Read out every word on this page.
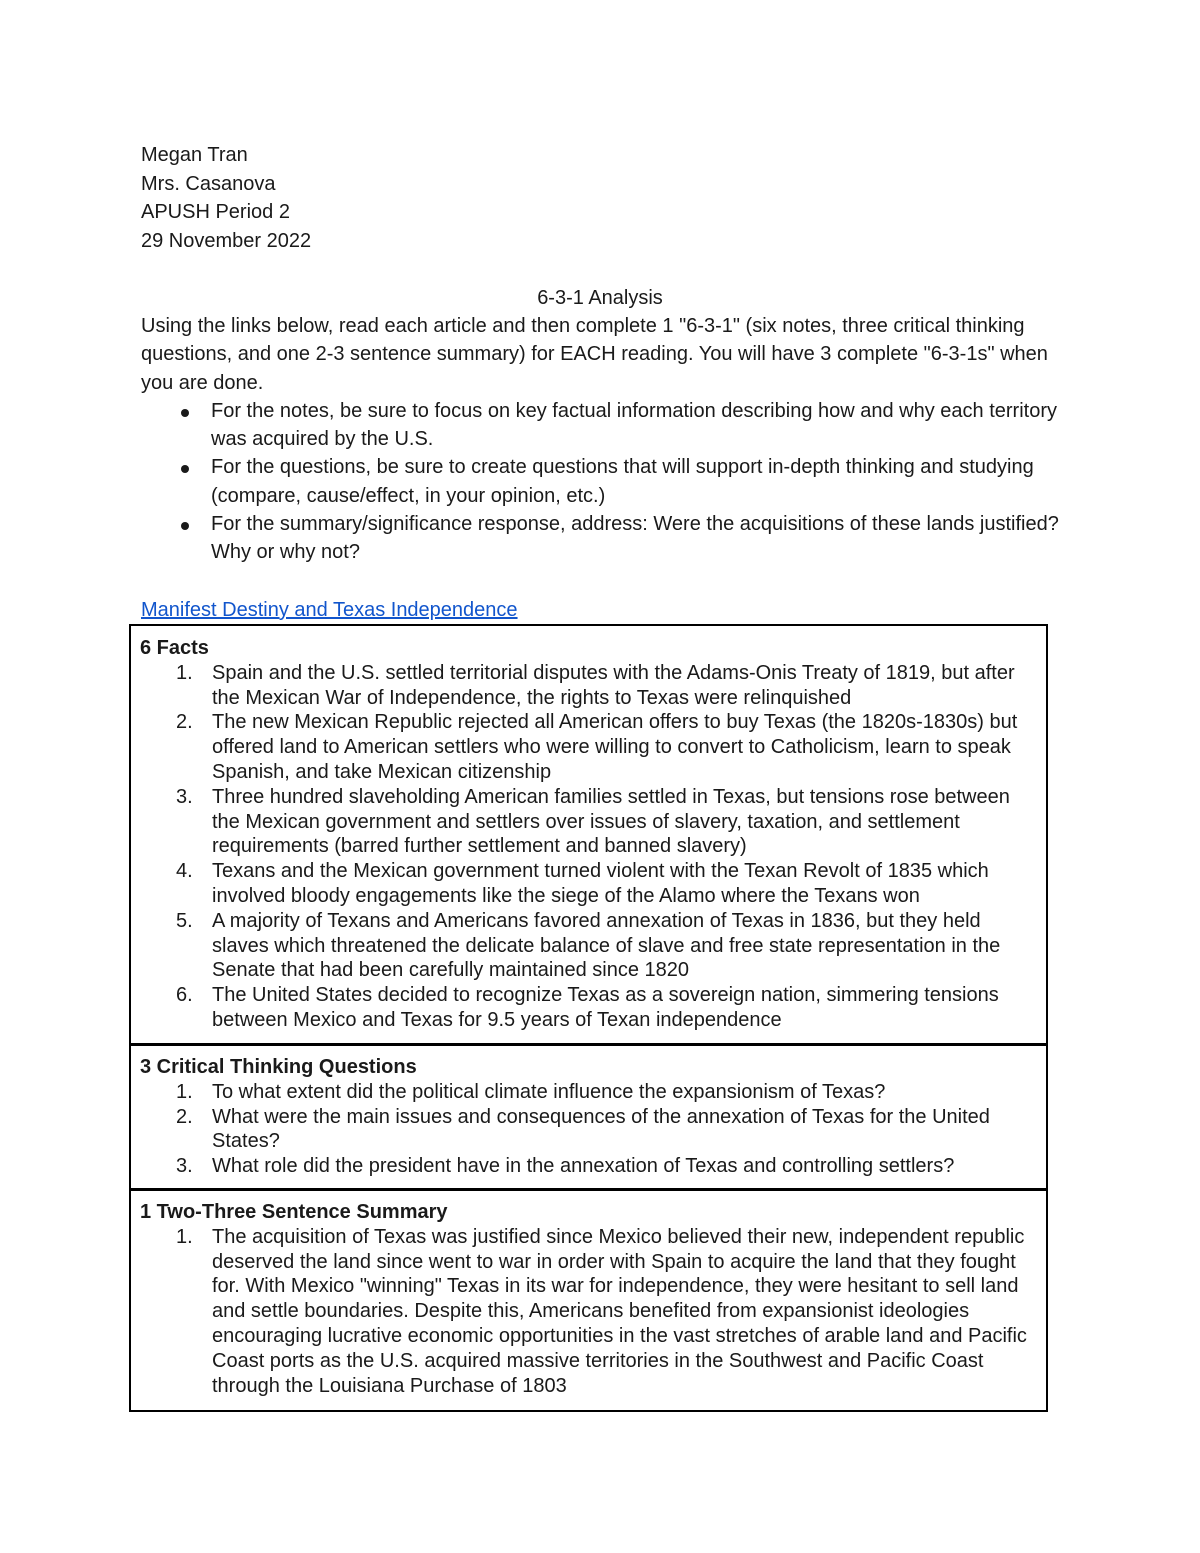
Megan Tran
Mrs. Casanova
APUSH Period 2
29 November 2022
6-3-1 Analysis

Using the links below, read each article and then complete 1 "6-3-1" (six notes, three critical thinking questions, and one 2-3 sentence summary) for EACH reading. You will have 3 complete "6-3-1s" when you are done.

For the notes, be sure to focus on key factual information describing how and why each territory was acquired by the U.S.
For the questions, be sure to create questions that will support in-depth thinking and studying (compare, cause/effect, in your opinion, etc.)
For the summary/significance response, address: Were the acquisitions of these lands justified? Why or why not?
Manifest Destiny and Texas Independence
6 Facts
1. Spain and the U.S. settled territorial disputes with the Adams-Onis Treaty of 1819, but after the Mexican War of Independence, the rights to Texas were relinquished
2. The new Mexican Republic rejected all American offers to buy Texas (the 1820s-1830s) but offered land to American settlers who were willing to convert to Catholicism, learn to speak Spanish, and take Mexican citizenship
3. Three hundred slaveholding American families settled in Texas, but tensions rose between the Mexican government and settlers over issues of slavery, taxation, and settlement requirements (barred further settlement and banned slavery)
4. Texans and the Mexican government turned violent with the Texan Revolt of 1835 which involved bloody engagements like the siege of the Alamo where the Texans won
5. A majority of Texans and Americans favored annexation of Texas in 1836, but they held slaves which threatened the delicate balance of slave and free state representation in the Senate that had been carefully maintained since 1820
6. The United States decided to recognize Texas as a sovereign nation, simmering tensions between Mexico and Texas for 9.5 years of Texan independence
3 Critical Thinking Questions
1. To what extent did the political climate influence the expansionism of Texas?
2. What were the main issues and consequences of the annexation of Texas for the United States?
3. What role did the president have in the annexation of Texas and controlling settlers?
1 Two-Three Sentence Summary
1. The acquisition of Texas was justified since Mexico believed their new, independent republic deserved the land since went to war in order with Spain to acquire the land that they fought for. With Mexico "winning" Texas in its war for independence, they were hesitant to sell land and settle boundaries. Despite this, Americans benefited from expansionist ideologies encouraging lucrative economic opportunities in the vast stretches of arable land and Pacific Coast ports as the U.S. acquired massive territories in the Southwest and Pacific Coast through the Louisiana Purchase of 1803
